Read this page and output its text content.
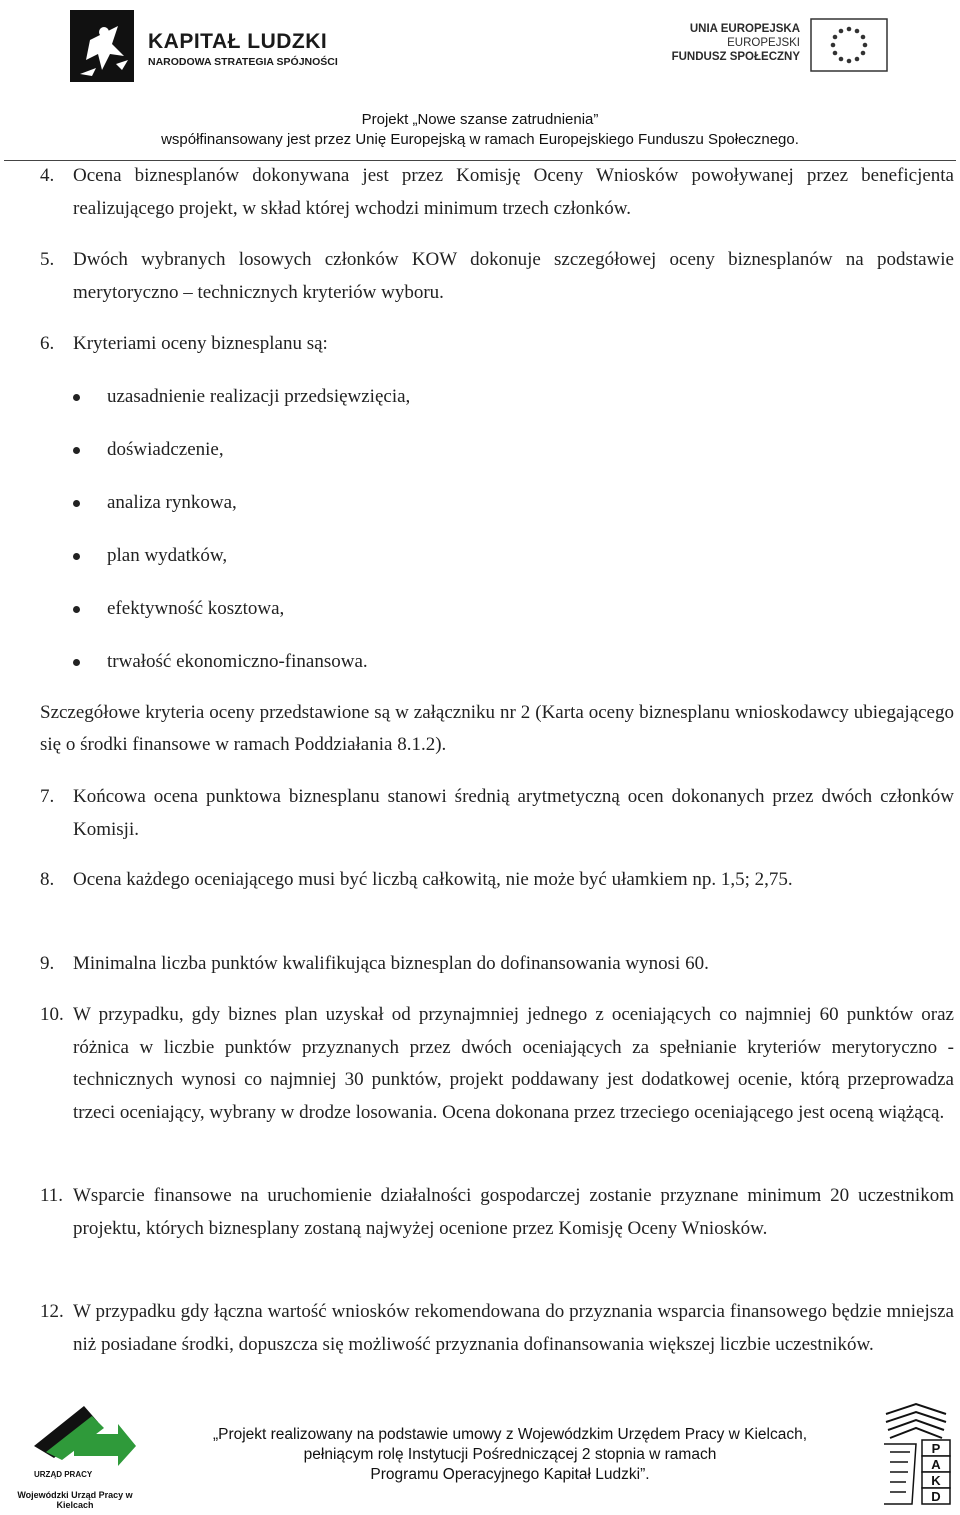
KAPITAŁ LUDZKI
NARODOWA STRATEGIA SPÓJNOŚCI
UNIA EUROPEJSKA
EUROPEJSKI
FUNDUSZ SPOŁECZNY
Projekt „Nowe szanse zatrudnienia”
współfinansowany jest przez Unię Europejską w ramach Europejskiego Funduszu Społecznego.
4. Ocena biznesplanów dokonywana jest przez Komisję Oceny Wniosków powoływanej przez beneficjenta realizującego projekt, w skład której wchodzi minimum trzech członków.
5. Dwóch wybranych losowych członków KOW dokonuje szczegółowej oceny biznesplanów na podstawie merytoryczno – technicznych kryteriów wyboru.
6. Kryteriami oceny biznesplanu są:
uzasadnienie realizacji przedsięwzięcia,
doświadczenie,
analiza rynkowa,
plan wydatków,
efektywność kosztowa,
trwałość ekonomiczno-finansowa.
Szczegółowe kryteria oceny przedstawione są w załączniku nr 2 (Karta oceny biznesplanu wnioskodawcy ubiegającego się o środki finansowe w ramach Poddziałania 8.1.2).
7. Końcowa ocena punktowa biznesplanu stanowi średnią arytmetyczną ocen dokonanych przez dwóch członków Komisji.
8. Ocena każdego oceniającego musi być liczbą całkowitą, nie może być ułamkiem np. 1,5; 2,75.
9. Minimalna liczba punktów kwalifikująca biznesplan do dofinansowania wynosi 60.
10. W przypadku, gdy biznes plan uzyskał od przynajmniej jednego z oceniających co najmniej 60 punktów oraz różnica w liczbie punktów przyznanych przez dwóch oceniających za spełnianie kryteriów merytoryczno - technicznych wynosi co najmniej 30 punktów, projekt poddawany jest dodatkowej ocenie, którą przeprowadza trzeci oceniający, wybrany w drodze losowania. Ocena dokonana przez trzeciego oceniającego jest oceną wiążącą.
11. Wsparcie finansowe na uruchomienie działalności gospodarczej zostanie przyznane minimum 20 uczestnikom projektu, których biznesplany zostaną najwyżej ocenione przez Komisję Oceny Wniosków.
12. W przypadku gdy łączna wartość wniosków rekomendowana do przyznania wsparcia finansowego będzie mniejsza niż posiadane środki, dopuszcza się możliwość przyznania dofinansowania większej liczbie uczestników.
URZĄD PRACY
Wojewódzki Urząd Pracy w Kielcach
„Projekt realizowany na podstawie umowy z Wojewódzkim Urzędem Pracy w Kielcach,
pełniącym rolę Instytucji Pośredniczącej 2 stopnia w ramach
Programu Operacyjnego Kapitał Ludzki”.
P
A
K
D
